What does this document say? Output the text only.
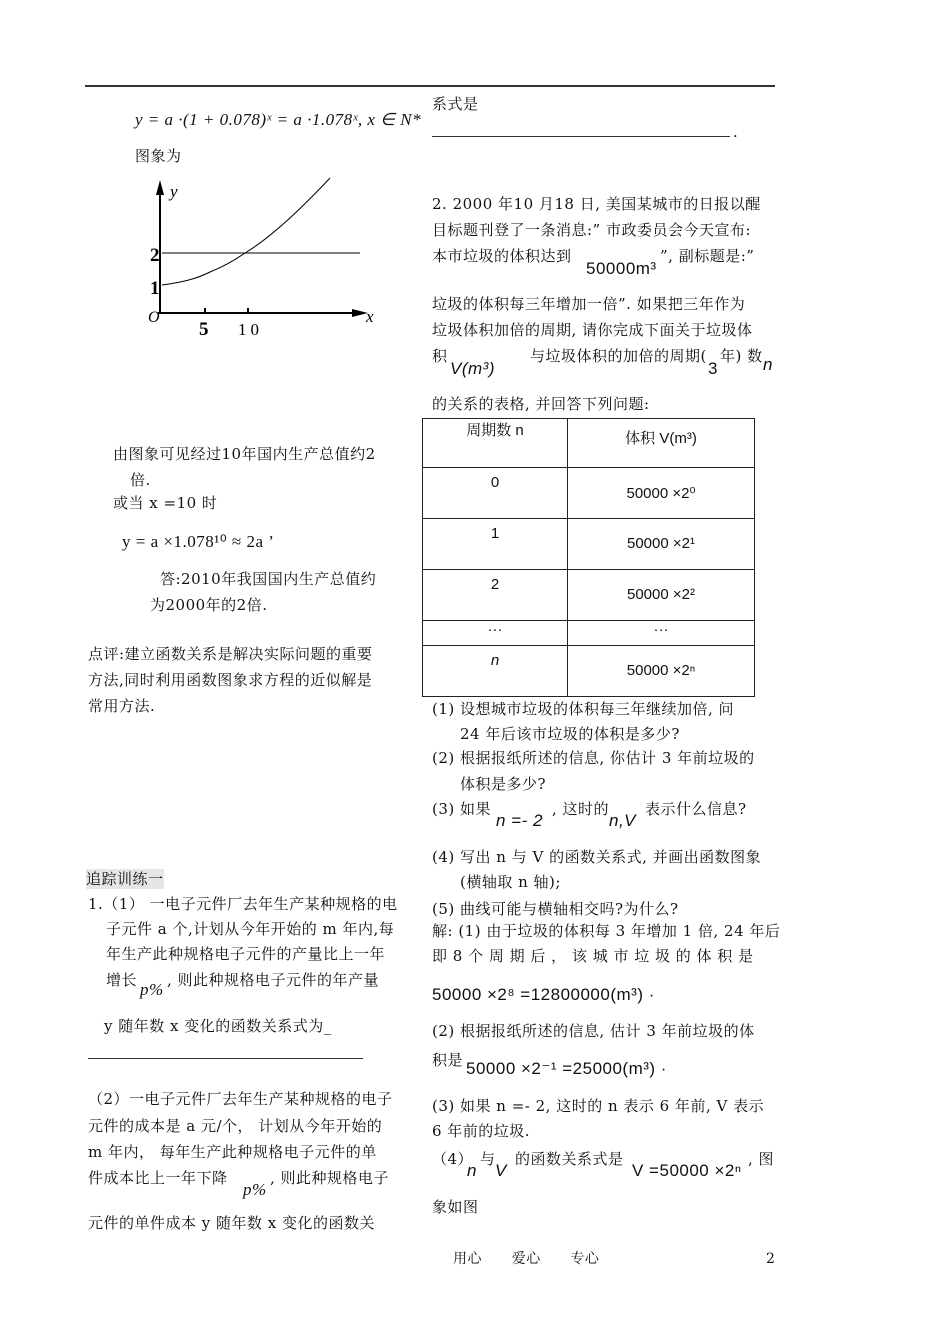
y = a ·(1 + 0.078)ˣ = a ·1.078ˣ, x ∈ N*
图象为
y
x
O
1
2
5 10
由图象可见经过10年国内生产总值约2
倍.
或当 x =10 时
y = a ×1.078¹⁰ ≈ 2a ’
答:2010年我国国内生产总值约
为2000年的2倍.
点评:建立函数关系是解决实际问题的重要
方法,同时利用函数图象求方程的近似解是
常用方法.
追踪训练一
1.（1） 一电子元件厂去年生产某种规格的电
子元件 a 个,计划从今年开始的 m 年内,每
年生产此种规格电子元件的产量比上一年
增长 p% , 则此种规格电子元件的年产量
y 随年数 x 变化的函数关系式为_
（2）一电子元件厂去年生产某种规格的电子
元件的成本是 a 元/个， 计划从今年开始的
m 年内， 每年生产此种规格电子元件的单
件成本比上一年下降
p%
, 则此种规格电子
元件的单件成本 y 随年数 x 变化的函数关
系式是
.
2. 2000 年10 月18 日, 美国某城市的日报以醒
目标题刊登了一条消息:” 市政委员会今天宣布:
本市垃圾的体积达到
50000m³
”, 副标题是:”
垃圾的体积每三年增加一倍”. 如果把三年作为
垃圾体积加倍的周期, 请你完成下面关于垃圾体
积
V(m³)
与垃圾体积的加倍的周期(
3
年) 数 n
的关系的表格, 并回答下列问题:
周期数 n	体积 V(m³)
0	50000 ×2⁰
1	50000 ×2¹
2	50000 ×2²
···	···
n	50000 ×2ⁿ
(1) 设想城市垃圾的体积每三年继续加倍, 问
24 年后该市垃圾的体积是多少?
(2) 根据报纸所述的信息, 你估计 3 年前垃圾的
体积是多少?
(3) 如果
n =- 2
, 这时的
n,V
表示什么信息?
(4) 写出 n 与 V 的函数关系式, 并画出函数图象
(横轴取 n 轴);
(5) 曲线可能与横轴相交吗?为什么?
解: (1) 由于垃圾的体积每 3 年增加 1 倍, 24 年后
即 8 个 周 期 后 ， 该 城 市 垃 圾 的 体 积 是
50000 ×2⁸ =12800000(m³) ·
(2) 根据报纸所述的信息, 估计 3 年前垃圾的体
积是 50000 ×2⁻¹ =25000(m³) ·
(3) 如果 n =- 2, 这时的 n 表示 6 年前, V 表示
6 年前的垃圾.
（4）
n
与
V
的函数关系式是
V =50000 ×2ⁿ
, 图
象如图
用心      爱心      专心	2
